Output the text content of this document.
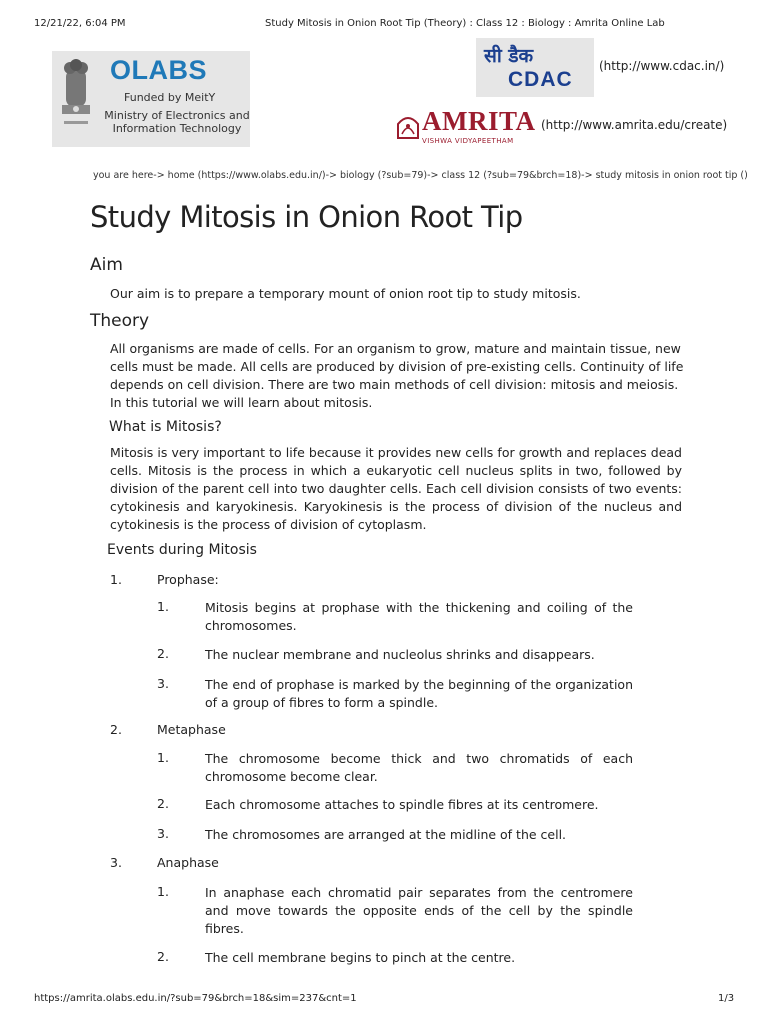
12/21/22, 6:04 PM	Study Mitosis in Onion Root Tip (Theory) : Class 12 : Biology : Amrita Online Lab
OLABS
Funded by MeitY
Ministry of Electronics and Information Technology
सी डैक
CDAC
(http://www.cdac.in/)
AMRITA
VISHWA VIDYAPEETHAM
(http://www.amrita.edu/create)
you are here-> home (https://www.olabs.edu.in/)-> biology (?sub=79)-> class 12 (?sub=79&brch=18)-> study mitosis in onion root tip ()
Study Mitosis in Onion Root Tip
Aim
Our aim is to prepare a temporary mount of onion root tip to study mitosis.
Theory
All organisms are made of cells. For an organism to grow, mature and maintain tissue, new
cells must be made. All cells are produced by division of pre-existing cells. Continuity of life
depends on cell division. There are two main methods of cell division: mitosis and meiosis.
In this tutorial we will learn about mitosis.
What is Mitosis?
Mitosis is very important to life because it provides new cells for growth and replaces dead cells. Mitosis is the process in which a eukaryotic cell nucleus splits in two, followed by division of the parent cell into two daughter cells. Each cell division consists of two events: cytokinesis and karyokinesis. Karyokinesis is the process of division of the nucleus and cytokinesis is the process of division of cytoplasm.
Events during Mitosis
1.	Prophase:
1.	Mitosis begins at prophase with the thickening and coiling of the chromosomes.
2.	The nuclear membrane and nucleolus shrinks and disappears.
3.	The end of prophase is marked by the beginning of the organization of a group of fibres to form a spindle.
2.	Metaphase
1.	The chromosome become thick and two chromatids of each chromosome become clear.
2.	Each chromosome attaches to spindle fibres at its centromere.
3.	The chromosomes are arranged at the midline of the cell.
3.	Anaphase
1.	In anaphase each chromatid pair separates from the centromere and move towards the opposite ends of the cell by the spindle fibres.
2.	The cell membrane begins to pinch at the centre.
https://amrita.olabs.edu.in/?sub=79&brch=18&sim=237&cnt=1	1/3
